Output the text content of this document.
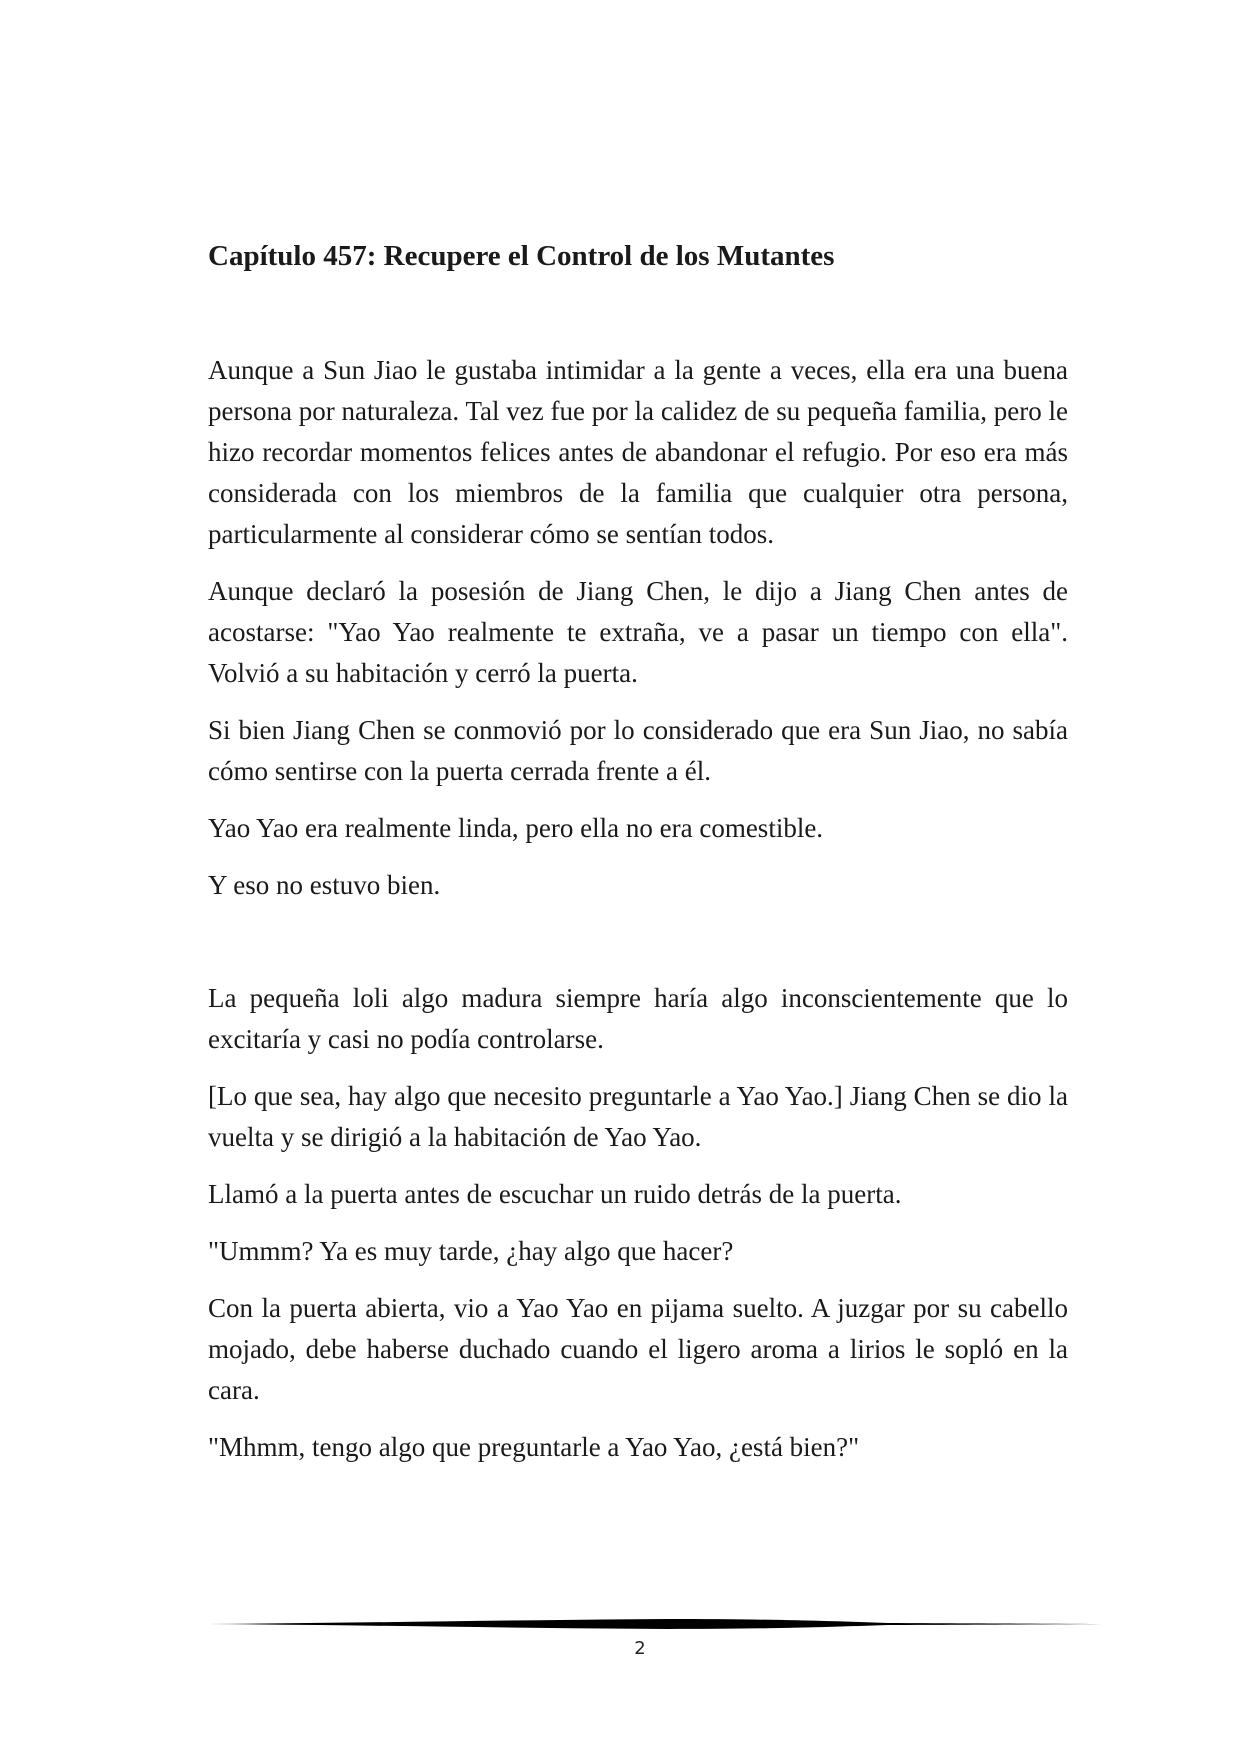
Capítulo 457: Recupere el Control de los Mutantes

Aunque a Sun Jiao le gustaba intimidar a la gente a veces, ella era una buena persona por naturaleza. Tal vez fue por la calidez de su pequeña familia, pero le hizo recordar momentos felices antes de abandonar el refugio. Por eso era más considerada con los miembros de la familia que cualquier otra persona, particularmente al considerar cómo se sentían todos.

Aunque declaró la posesión de Jiang Chen, le dijo a Jiang Chen antes de acostarse: "Yao Yao realmente te extraña, ve a pasar un tiempo con ella". Volvió a su habitación y cerró la puerta.

Si bien Jiang Chen se conmovió por lo considerado que era Sun Jiao, no sabía cómo sentirse con la puerta cerrada frente a él.

Yao Yao era realmente linda, pero ella no era comestible.

Y eso no estuvo bien.

La pequeña loli algo madura siempre haría algo inconscientemente que lo excitaría y casi no podía controlarse.

[Lo que sea, hay algo que necesito preguntarle a Yao Yao.] Jiang Chen se dio la vuelta y se dirigió a la habitación de Yao Yao.

Llamó a la puerta antes de escuchar un ruido detrás de la puerta.

"Ummm? Ya es muy tarde, ¿hay algo que hacer?

Con la puerta abierta, vio a Yao Yao en pijama suelto. A juzgar por su cabello mojado, debe haberse duchado cuando el ligero aroma a lirios le sopló en la cara.

"Mhmm, tengo algo que preguntarle a Yao Yao, ¿está bien?"

2
